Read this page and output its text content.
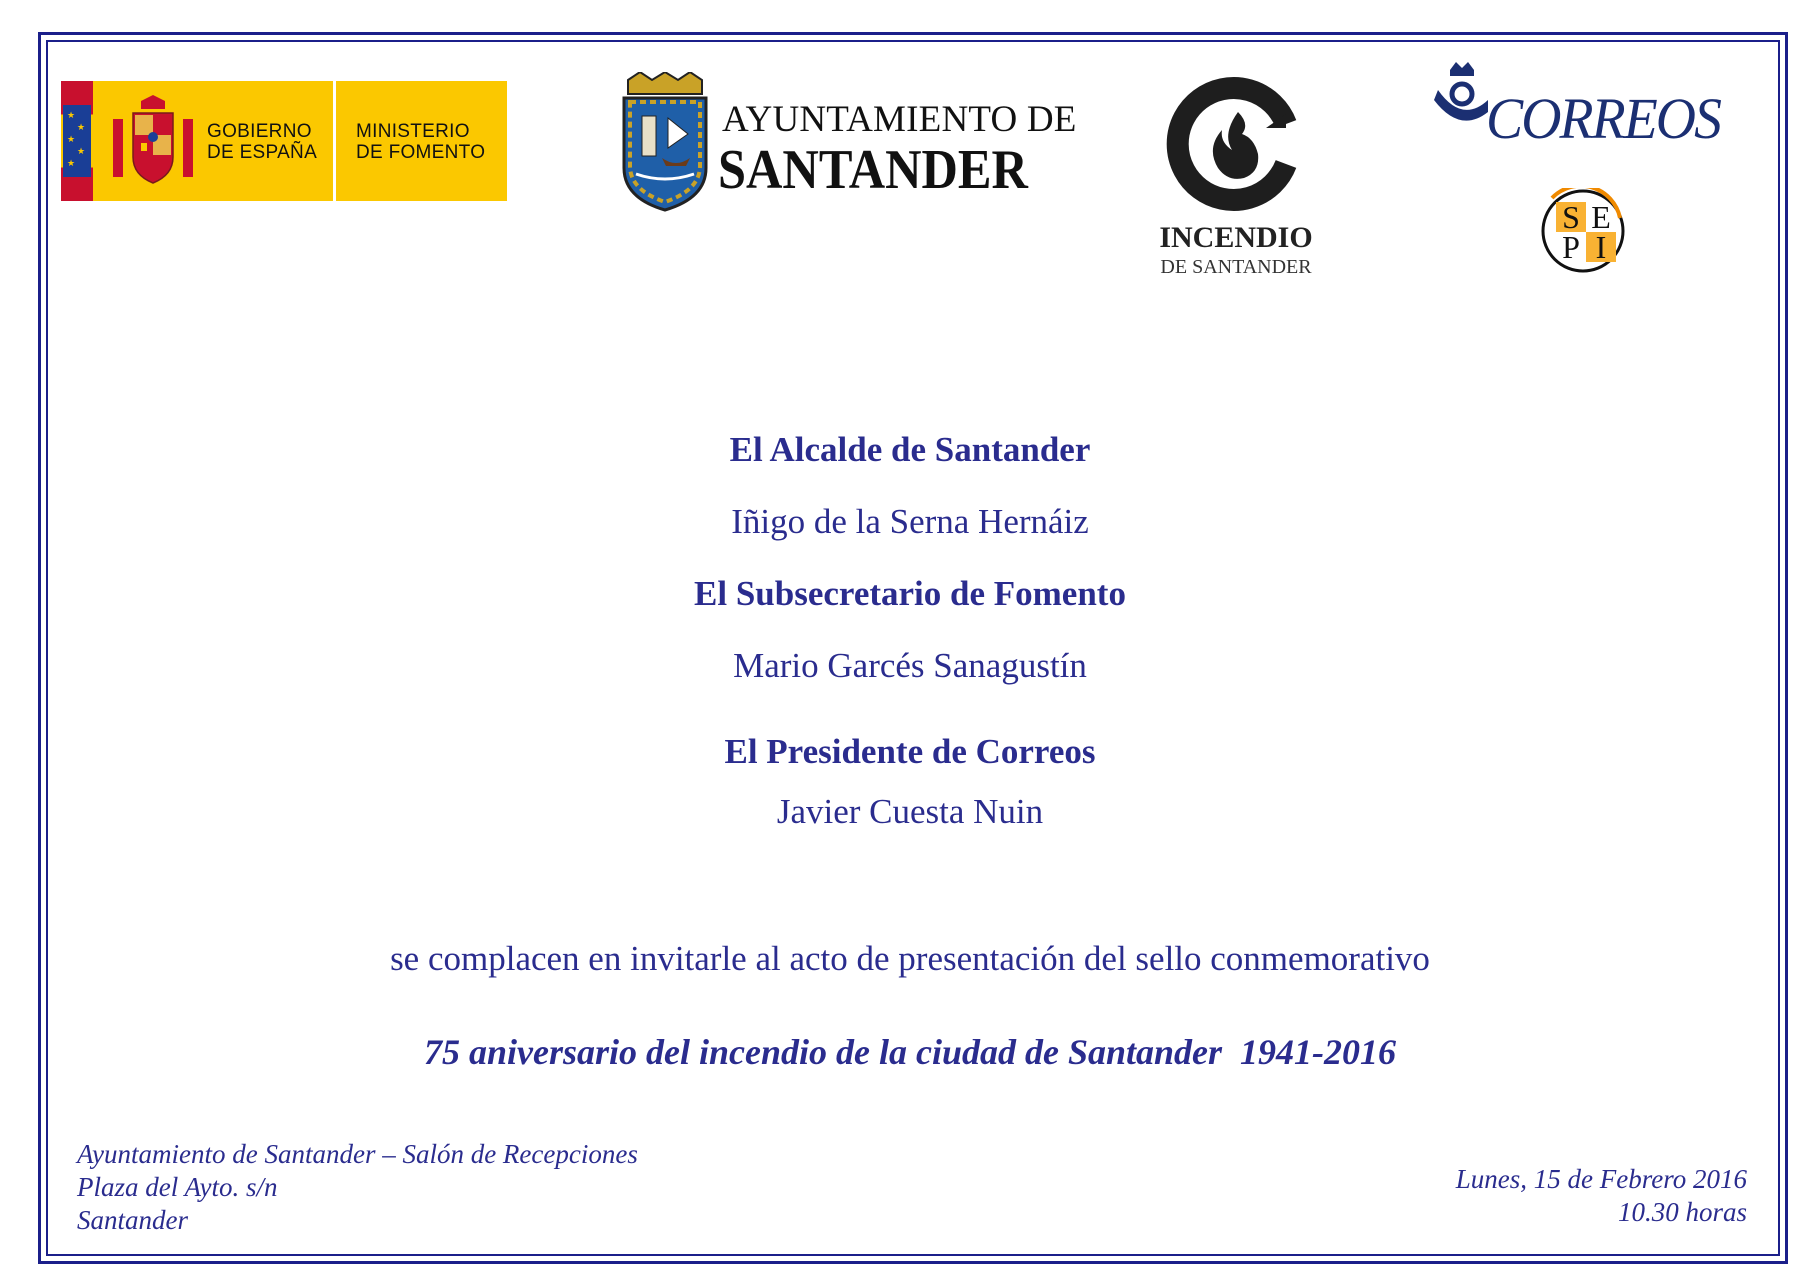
★
★
★
★
★
GOBIERNO
DE ESPAÑA
MINISTERIO
DE FOMENTO
AYUNTAMIENTO DE
SANTANDER
INCENDIO
DE SANTANDER
CORREOS
S E
P I
El Alcalde de Santander
Iñigo de la Serna Hernáiz
El Subsecretario de Fomento
Mario Garcés Sanagustín
El Presidente de Correos
Javier Cuesta Nuin
se complacen en invitarle al acto de presentación del sello conmemorativo
75 aniversario del incendio de la ciudad de Santander  1941-2016
Ayuntamiento de Santander – Salón de Recepciones
Plaza del Ayto. s/n
Santander
Lunes, 15 de Febrero 2016
10.30 horas
